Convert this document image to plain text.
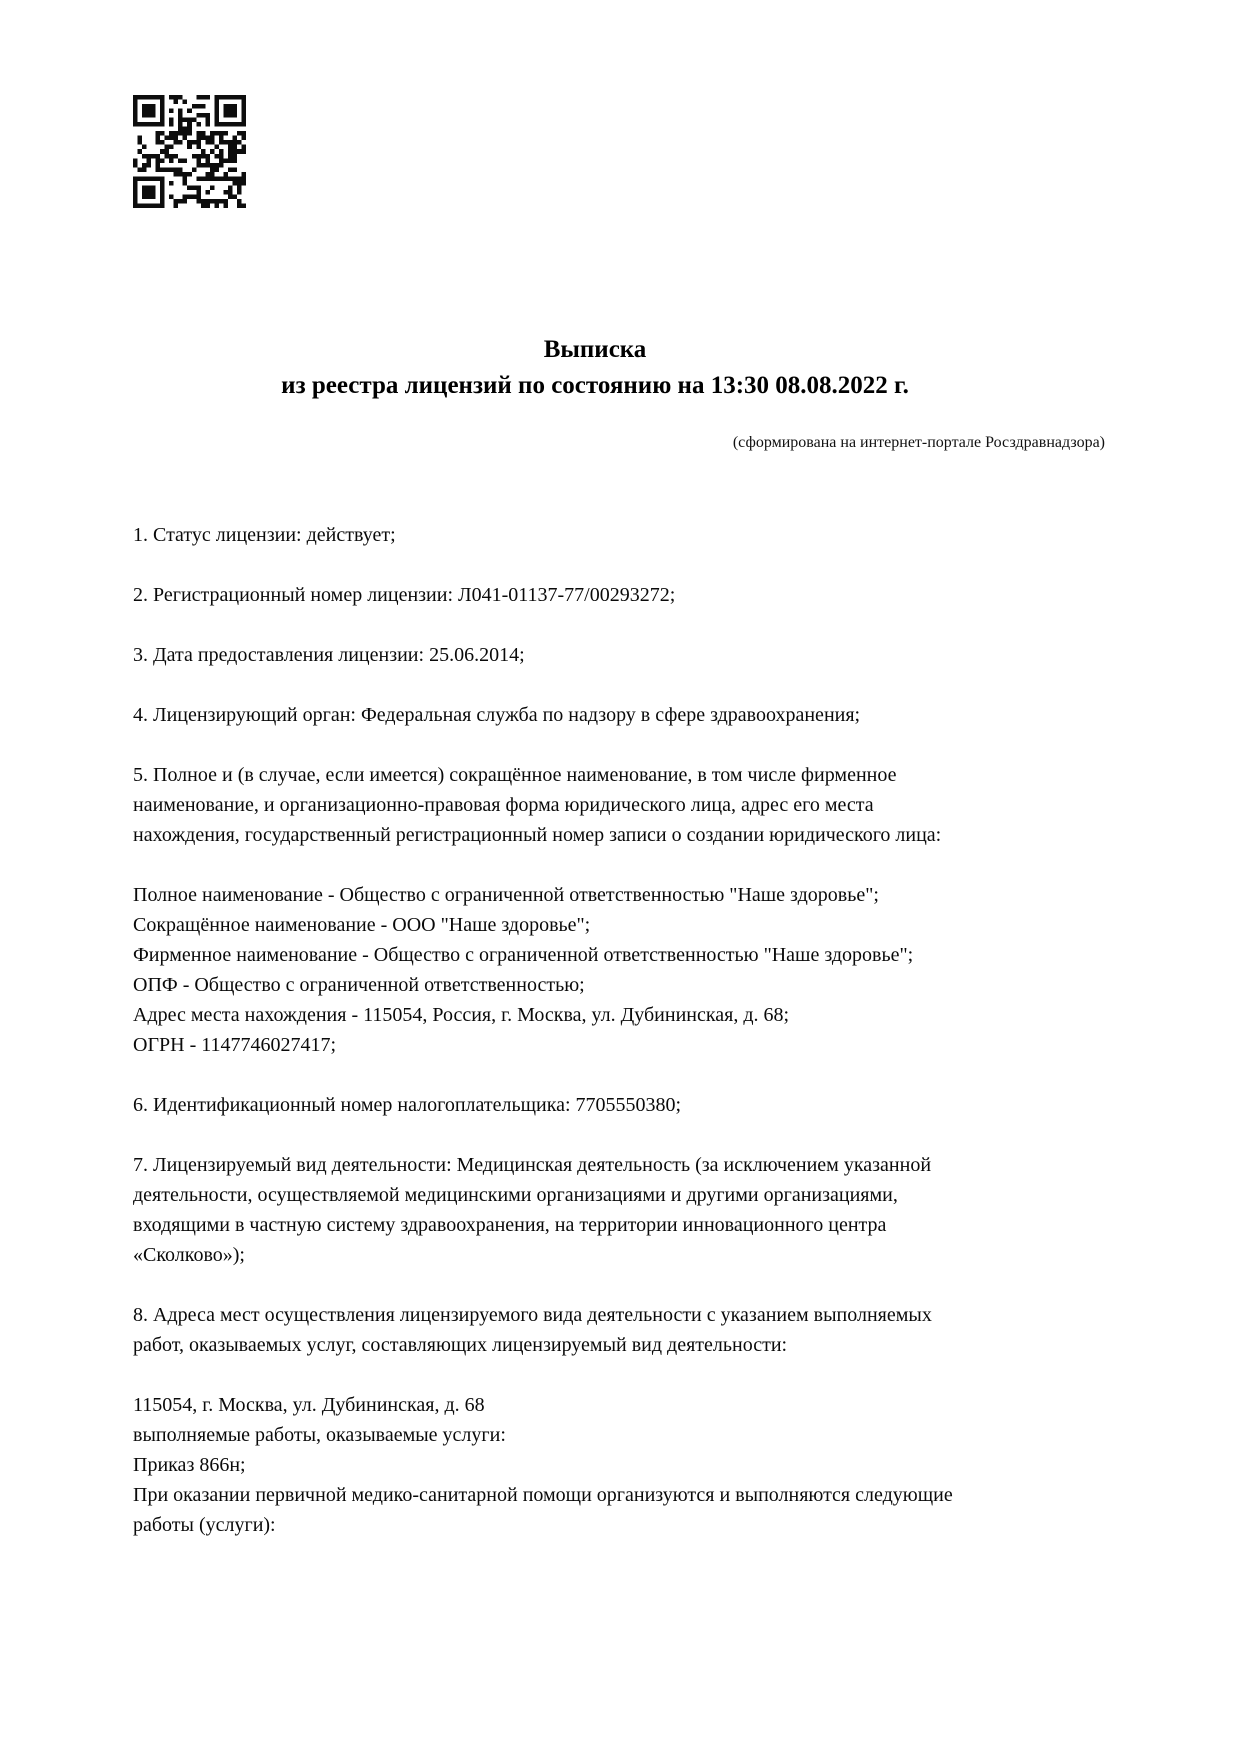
Выписка
из реестра лицензий по состоянию на 13:30 08.08.2022 г.
(сформирована на интернет-портале Росздравнадзора)

1. Статус лицензии: действует;

2. Регистрационный номер лицензии: Л041-01137-77/00293272;

3. Дата предоставления лицензии: 25.06.2014;

4. Лицензирующий орган: Федеральная служба по надзору в сфере здравоохранения;

5. Полное и (в случае, если имеется) сокращённое наименование, в том числе фирменное
наименование, и организационно-правовая форма юридического лица, адрес его места
нахождения, государственный регистрационный номер записи о создании юридического лица:

Полное наименование - Общество с ограниченной ответственностью "Наше здоровье";
Сокращённое наименование - ООО "Наше здоровье";
Фирменное наименование - Общество с ограниченной ответственностью "Наше здоровье";
ОПФ - Общество с ограниченной ответственностью;
Адрес места нахождения - 115054, Россия, г. Москва, ул. Дубининская, д. 68;
ОГРН - 1147746027417;

6. Идентификационный номер налогоплательщика: 7705550380;

7. Лицензируемый вид деятельности: Медицинская деятельность (за исключением указанной
деятельности, осуществляемой медицинскими организациями и другими организациями,
входящими в частную систему здравоохранения, на территории инновационного центра
«Сколково»);

8. Адреса мест осуществления лицензируемого вида деятельности с указанием выполняемых
работ, оказываемых услуг, составляющих лицензируемый вид деятельности:

115054, г. Москва, ул. Дубининская, д. 68
выполняемые работы, оказываемые услуги:
Приказ 866н;
При оказании первичной медико-санитарной помощи организуются и выполняются следующие
работы (услуги):
